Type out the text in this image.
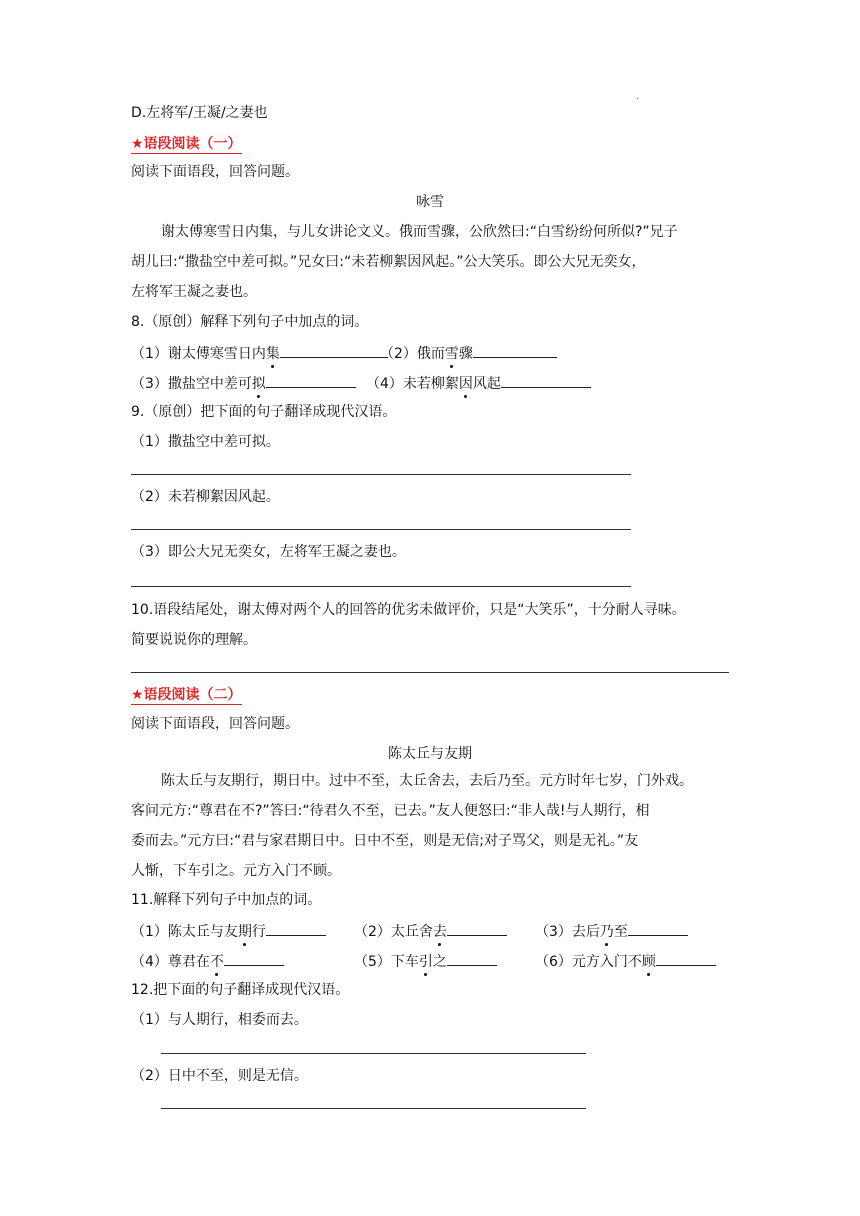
D.左将军/王凝/之妻也
.
★语段阅读（一）
阅读下面语段，回答问题。
咏雪
谢太傅寒雪日内集，与儿女讲论文义。俄而雪骤，公欣然曰:“白雪纷纷何所似?”兄子
胡儿曰:“撒盐空中差可拟。”兄女曰:“未若柳絮因风起。”公大笑乐。即公大兄无奕女，
左将军王凝之妻也。
8.（原创）解释下列句子中加点的词。
（1）谢太傅寒雪日内集	（2）俄而雪骤
（3）撒盐空中差可拟	（4）未若柳絮因风起
9.（原创）把下面的句子翻译成现代汉语。
（1）撒盐空中差可拟。
（2）未若柳絮因风起。
（3）即公大兄无奕女，左将军王凝之妻也。
10.语段结尾处，谢太傅对两个人的回答的优劣未做评价，只是“大笑乐”，十分耐人寻味。
简要说说你的理解。
★语段阅读（二）
阅读下面语段，回答问题。
陈太丘与友期
陈太丘与友期行，期日中。过中不至，太丘舍去，去后乃至。元方时年七岁，门外戏。
客问元方:“尊君在不?”答曰:“待君久不至，已去。”友人便怒曰:“非人哉!与人期行，相
委而去。”元方曰:“君与家君期日中。日中不至，则是无信;对子骂父，则是无礼。”友
人惭，下车引之。元方入门不顾。
11.解释下列句子中加点的词。
（1）陈太丘与友期行	（2）太丘舍去	（3）去后乃至
（4）尊君在不	（5）下车引之	（6）元方入门不顾
12.把下面的句子翻译成现代汉语。
（1）与人期行，相委而去。
（2）日中不至，则是无信。
